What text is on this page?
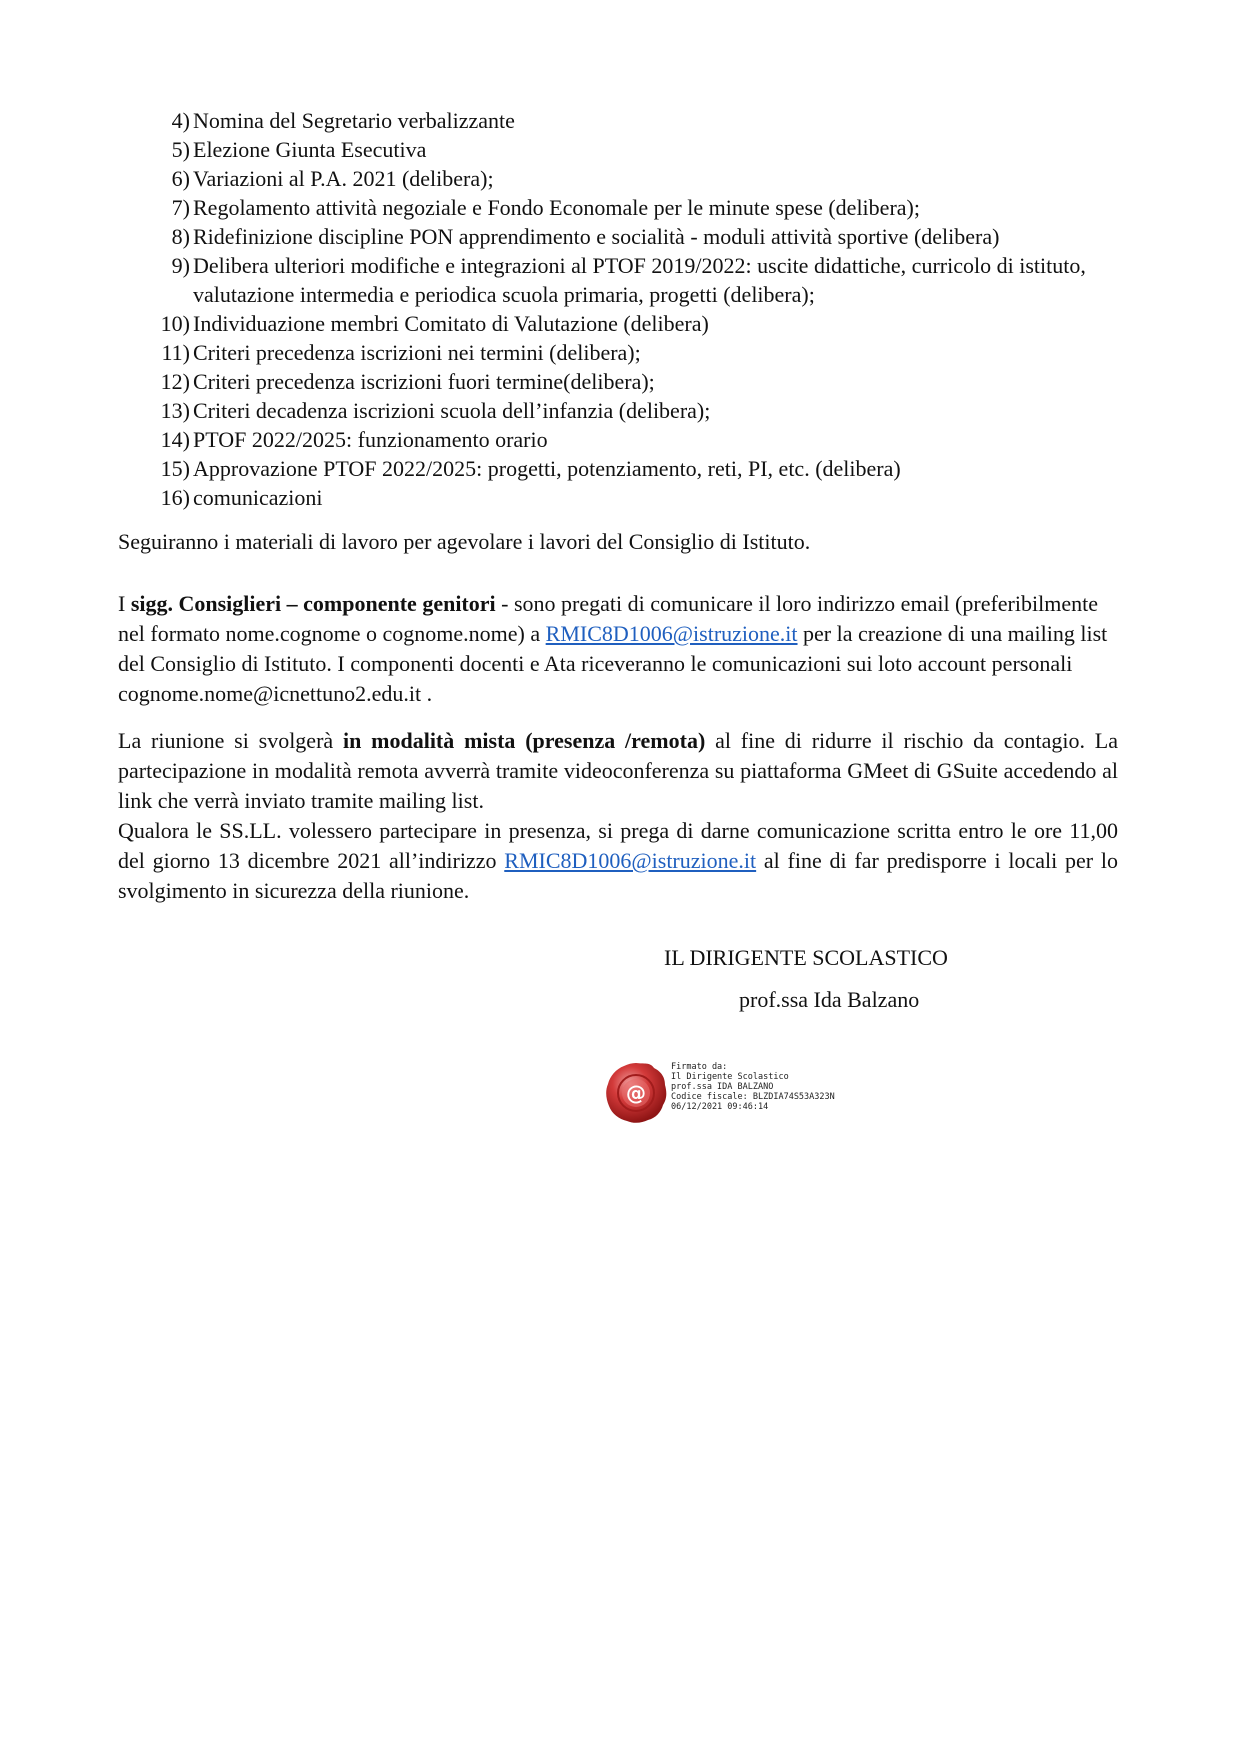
4) Nomina del Segretario verbalizzante
5) Elezione Giunta Esecutiva
6) Variazioni al P.A. 2021 (delibera);
7) Regolamento attività negoziale e Fondo Economale per le minute spese (delibera);
8) Ridefinizione discipline PON apprendimento e socialità - moduli attività sportive (delibera)
9) Delibera ulteriori modifiche e integrazioni al PTOF 2019/2022: uscite didattiche, curricolo di istituto, valutazione intermedia e periodica scuola primaria, progetti (delibera);
10) Individuazione membri Comitato di Valutazione (delibera)
11) Criteri precedenza iscrizioni nei termini (delibera);
12) Criteri precedenza iscrizioni fuori termine(delibera);
13) Criteri decadenza iscrizioni scuola dell’infanzia (delibera);
14) PTOF 2022/2025: funzionamento orario
15) Approvazione PTOF 2022/2025: progetti, potenziamento, reti, PI, etc. (delibera)
16) comunicazioni

Seguiranno i materiali di lavoro per agevolare i lavori del Consiglio di Istituto.

I sigg. Consiglieri – componente genitori - sono pregati di comunicare il loro indirizzo email (preferibilmente nel formato nome.cognome o cognome.nome) a RMIC8D1006@istruzione.it per la creazione di una mailing list del Consiglio di Istituto. I componenti docenti e Ata riceveranno le comunicazioni sui loto account personali cognome.nome@icnettuno2.edu.it .

La riunione si svolgerà in modalità mista (presenza /remota) al fine di ridurre il rischio da contagio. La partecipazione in modalità remota avverrà tramite videoconferenza su piattaforma GMeet di GSuite accedendo al link che verrà inviato tramite mailing list.
Qualora le SS.LL. volessero partecipare in presenza, si prega di darne comunicazione scritta entro le ore 11,00 del giorno 13 dicembre 2021 all’indirizzo RMIC8D1006@istruzione.it al fine di far predisporre i locali per lo svolgimento in sicurezza della riunione.
IL DIRIGENTE SCOLASTICO
prof.ssa Ida Balzano
@
Firmato da:
Il Dirigente Scolastico
prof.ssa IDA BALZANO
Codice fiscale: BLZDIA74S53A323N
06/12/2021 09:46:14
